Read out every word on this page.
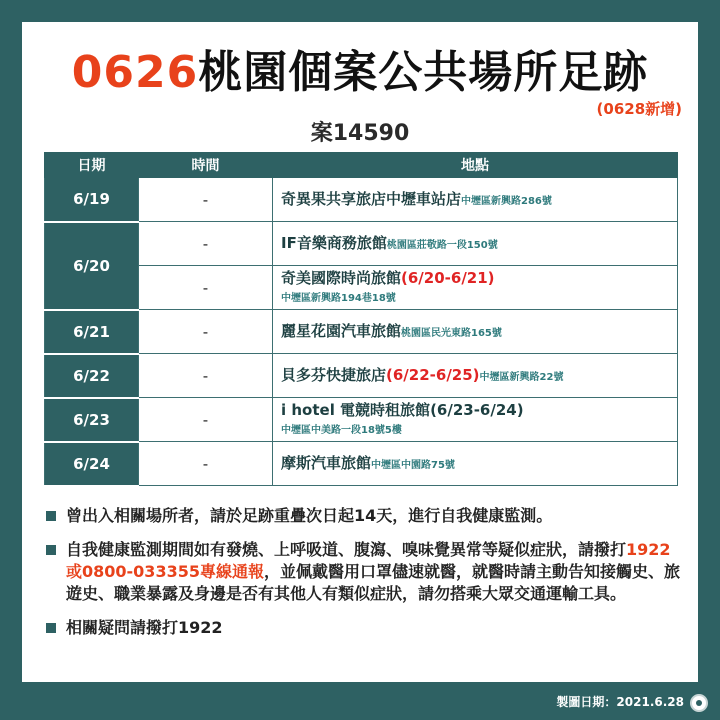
0626桃園個案公共場所足跡
(0628新增)
案14590
日期	時間	地點
6/19	-	奇異果共享旅店中壢車站店中壢區新興路286號
6/20	-	IF音樂商務旅館桃園區莊敬路一段150號
	-	奇美國際時尚旅館(6/20-6/21)
中壢區新興路194巷18號
6/21	-	麗星花園汽車旅館桃園區民光東路165號
6/22	-	貝多芬快捷旅店(6/22-6/25)中壢區新興路22號
6/23	-	i hotel 電競時租旅館(6/23-6/24)
中壢區中美路一段18號5樓
6/24	-	摩斯汽車旅館中壢區中園路75號
曾出入相關場所者，請於足跡重疊次日起14天，進行自我健康監測。
自我健康監測期間如有發燒、上呼吸道、腹瀉、嗅味覺異常等疑似症狀，請撥打1922或0800-033355專線通報，並佩戴醫用口罩儘速就醫，就醫時請主動告知接觸史、旅遊史、職業暴露及身邊是否有其他人有類似症狀，請勿搭乘大眾交通運輸工具。
相關疑問請撥打1922
製圖日期：2021.6.28
